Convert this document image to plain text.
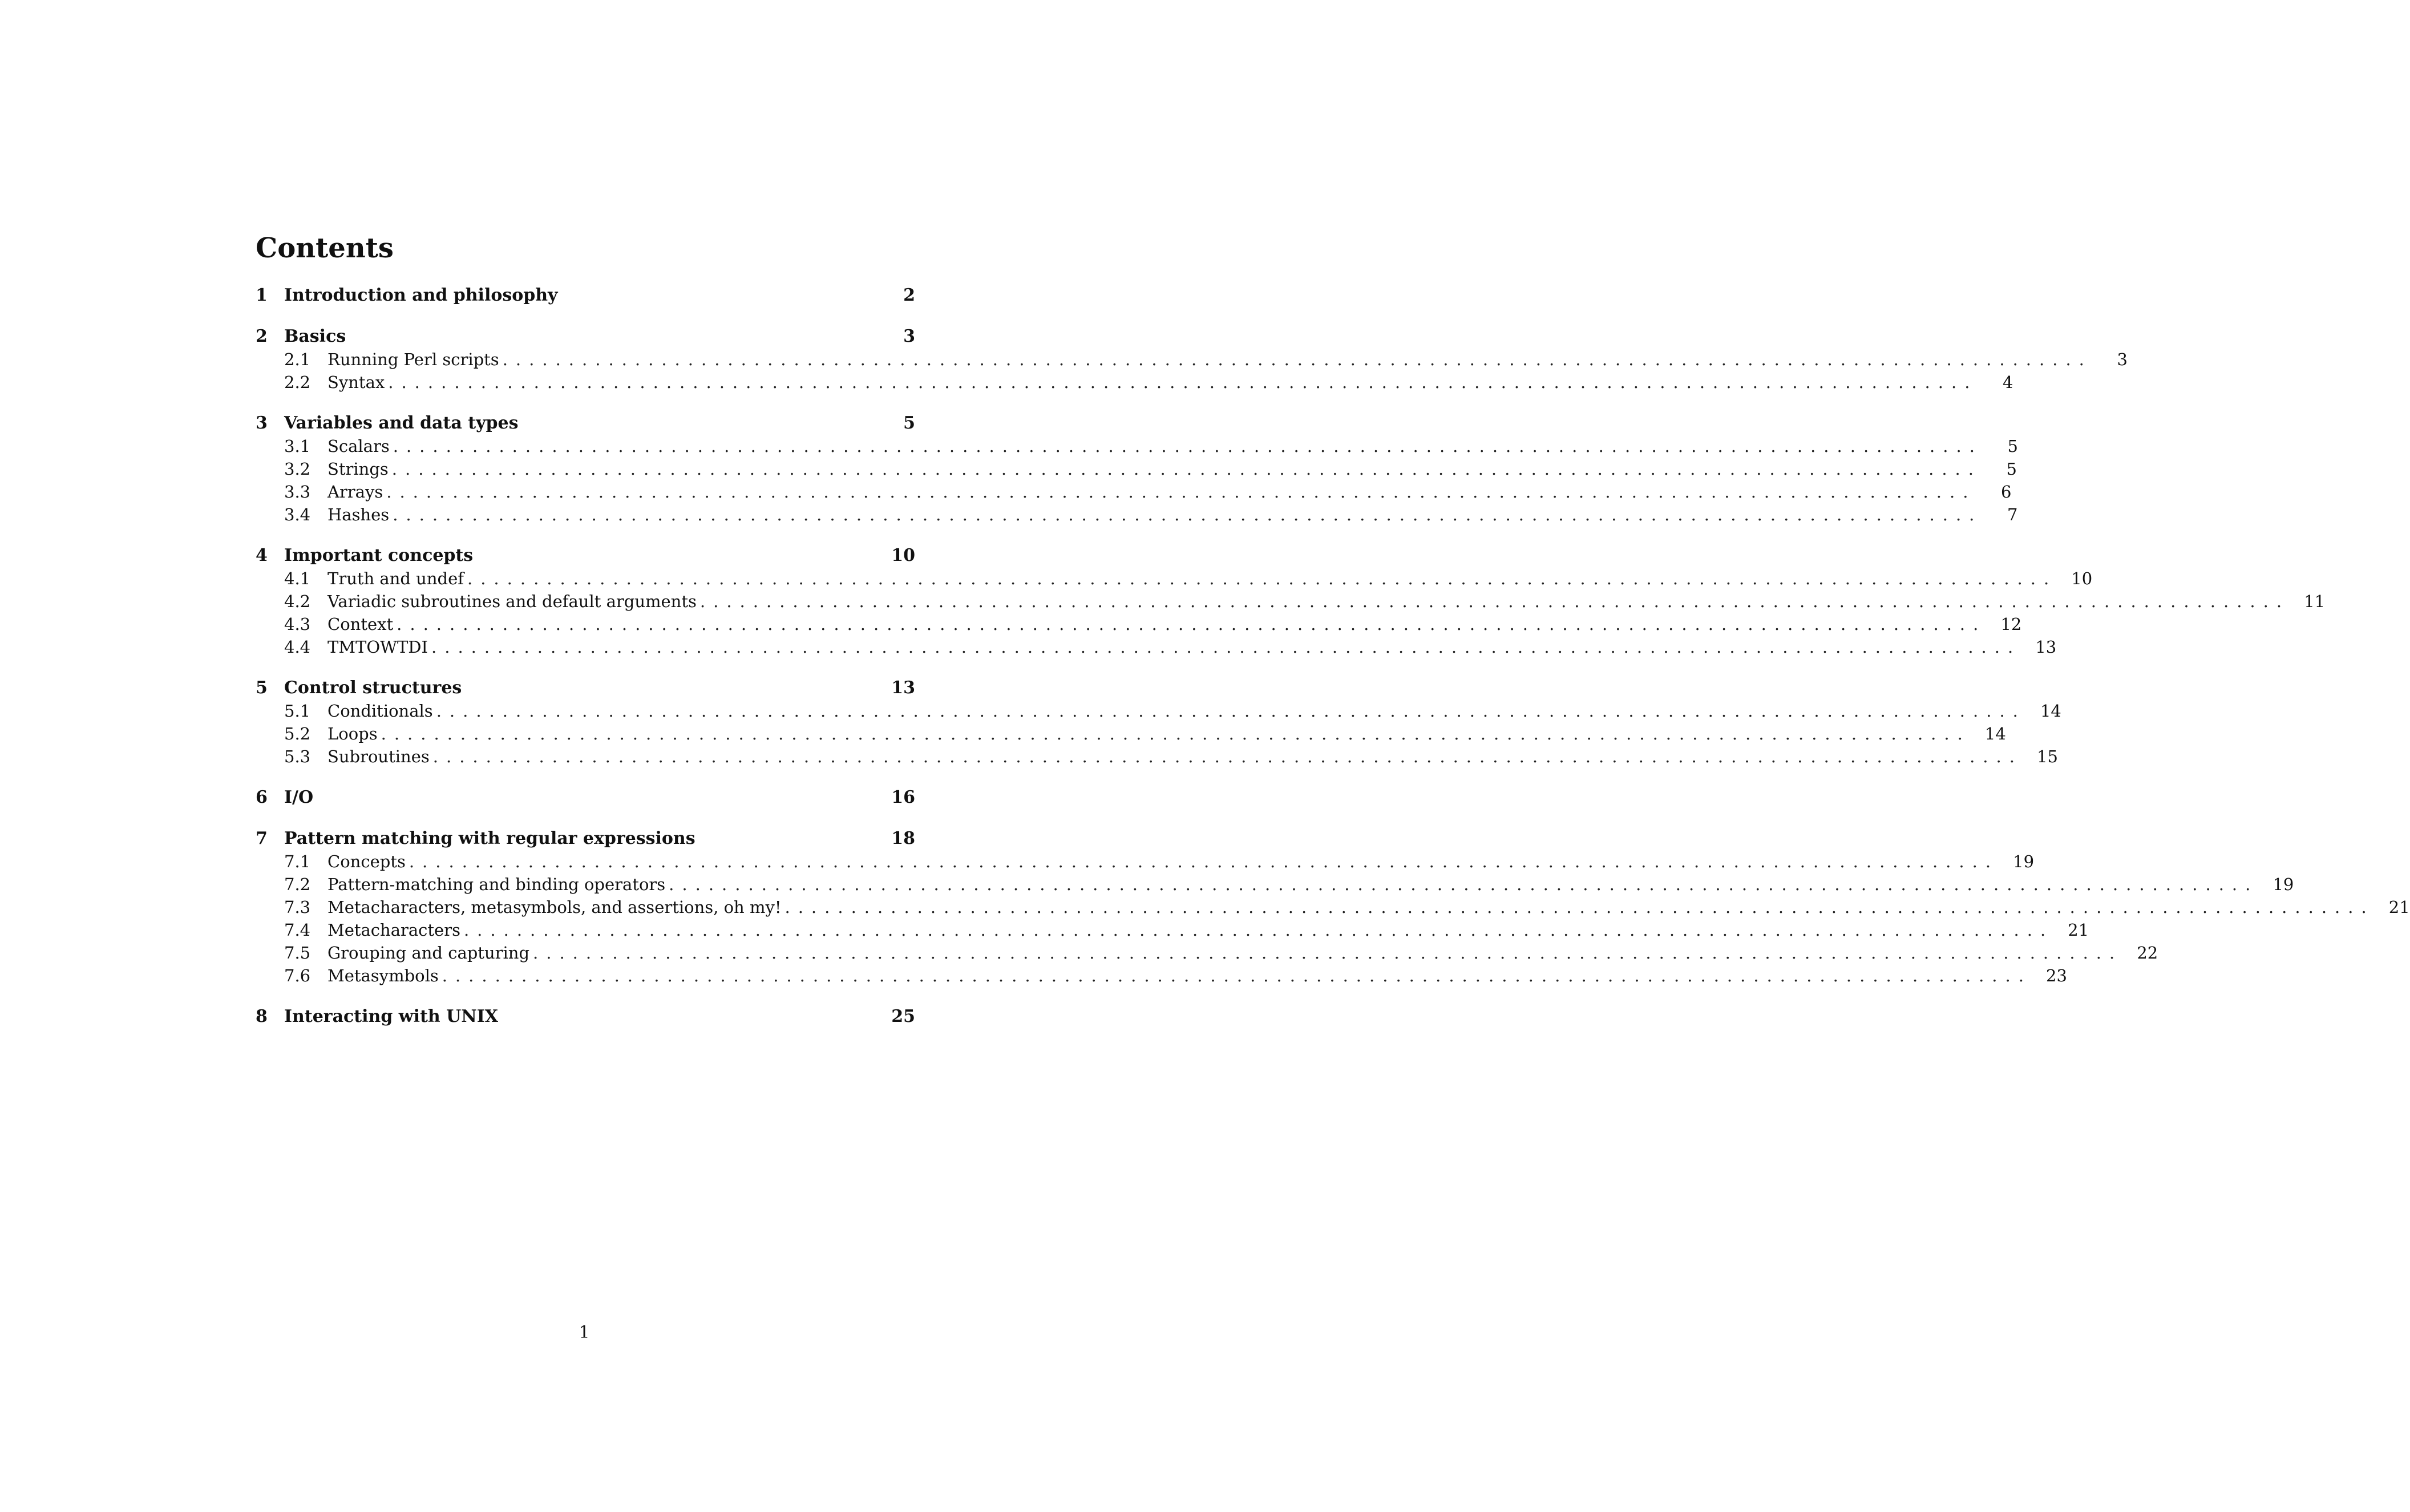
Contents
1 Introduction and philosophy	2
2 Basics	3
2.1	Running Perl scripts ........................................................................................................................	3
2.2	Syntax ........................................................................................................................	4
3 Variables and data types	5
3.1	Scalars ........................................................................................................................	5
3.2	Strings ........................................................................................................................	5
3.3	Arrays ........................................................................................................................	6
3.4	Hashes ........................................................................................................................	7
4 Important concepts	10
4.1	Truth and undef ........................................................................................................................ 10
4.2	Variadic subroutines and default arguments ........................................................................................................................ 11
4.3	Context ........................................................................................................................ 12
4.4	TMTOWTDI ........................................................................................................................ 13
5 Control structures	13
5.1	Conditionals ........................................................................................................................ 14
5.2	Loops ........................................................................................................................ 14
5.3	Subroutines ........................................................................................................................ 15
6 I/O	16
7 Pattern matching with regular expressions	18
7.1	Concepts ........................................................................................................................ 19
7.2	Pattern-matching and binding operators ........................................................................................................................ 19
7.3	Metacharacters, metasymbols, and assertions, oh my! ........................................................................................................................ 21
7.4	Metacharacters ........................................................................................................................ 21
7.5	Grouping and capturing ........................................................................................................................ 22
7.6	Metasymbols ........................................................................................................................ 23
8 Interacting with UNIX	25
1
